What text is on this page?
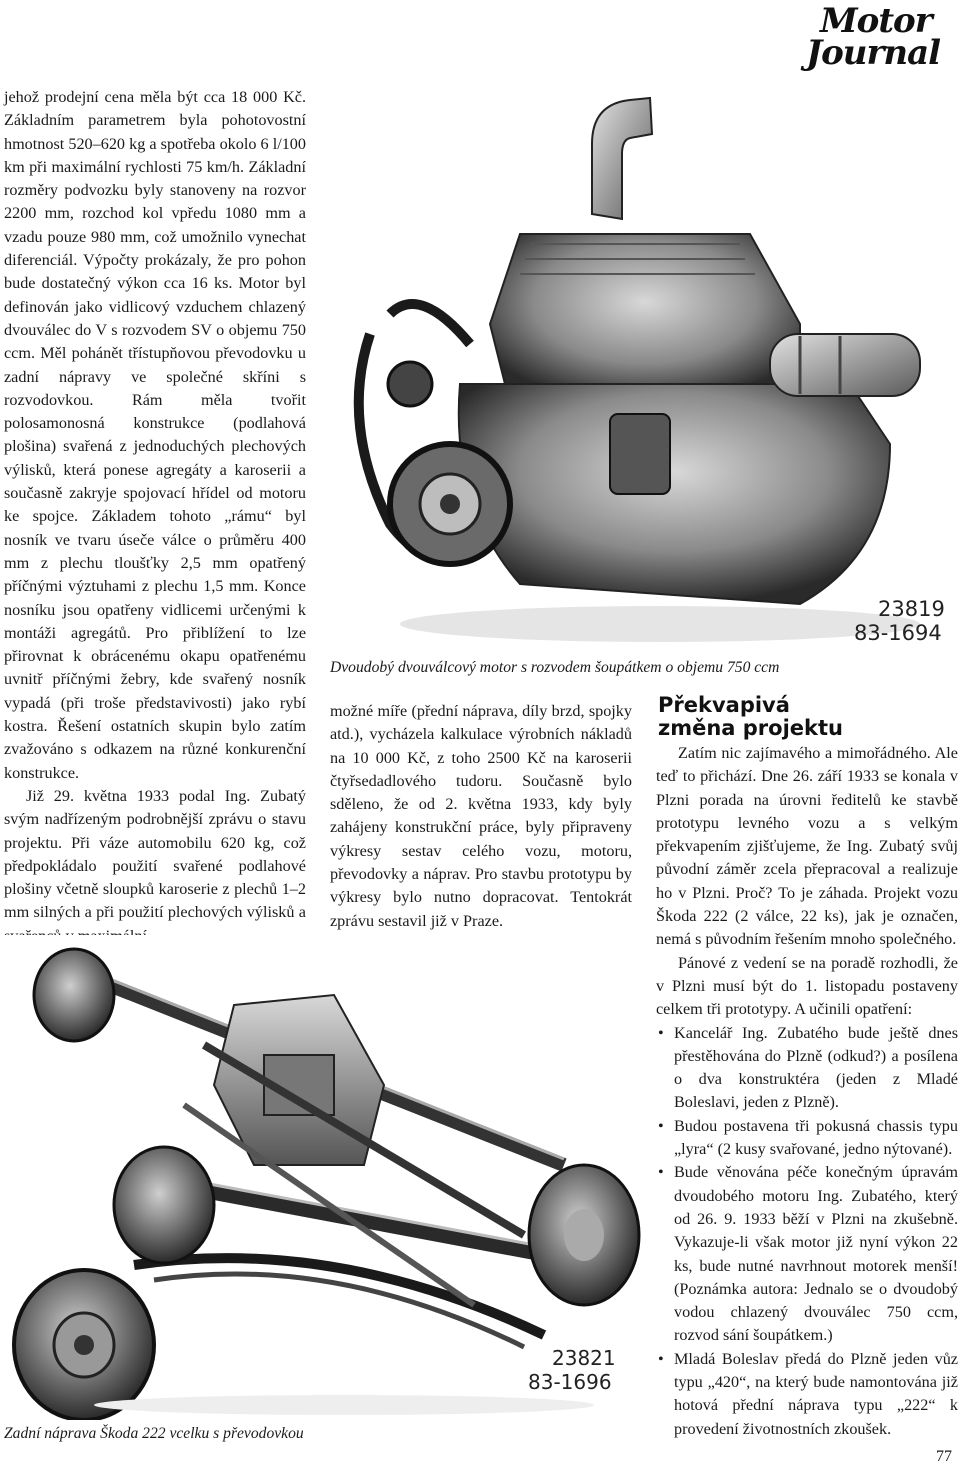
Motor
Journal

jehož prodejní cena měla být cca 18 000 Kč. Základním parametrem byla pohotovostní hmotnost 520–620 kg a spotřeba okolo 6 l/100 km při maximální rychlosti 75 km/h. Základní rozměry podvozku byly stanoveny na rozvor 2200 mm, rozchod kol vpředu 1080 mm a vzadu pouze 980 mm, což umožnilo vynechat diferenciál. Výpočty prokázaly, že pro pohon bude dostatečný výkon cca 16 ks. Motor byl definován jako vidlicový vzduchem chlazený dvouválec do V s rozvodem SV o objemu 750 ccm. Měl pohánět třístupňovou převodovku u zadní nápravy ve společné skříni s rozvodovkou. Rám měla tvořit polosamonosná konstrukce (podlahová plošina) svařená z jednoduchých plechových výlisků, která ponese agregáty a karoserii a současně zakryje spojovací hřídel od motoru ke spojce. Základem tohoto „rámu“ byl nosník ve tvaru úseče válce o průměru 400 mm z plechu tloušťky 2,5 mm opatřený příčnými výztuhami z plechu 1,5 mm. Konce nosníku jsou opatřeny vidlicemi určenými k montáži agregátů. Pro přiblížení to lze přirovnat k obrácenému okapu opatřenému uvnitř příčnými žebry, kde svařený nosník vypadá (při troše představivosti) jako rybí kostra. Řešení ostatních skupin bylo zatím zvažováno s odkazem na různé konkurenční konstrukce.

Již 29. května 1933 podal Ing. Zubatý svým nadřízeným podrobnější zprávu o stavu projektu. Při váze automobilu 620 kg, což předpokládalo použití svařené podlahové plošiny včetně sloupků karoserie z plechů 1–2 mm silných a při použití plechových výlisků a

23819
83-1694
Dvoudobý dvouválcový motor s rozvodem šoupátkem o objemu 750 ccm

možné míře (přední náprava, díly brzd, spojky atd.), vycházela kalkulace výrobních nákladů na 10 000 Kč, z toho 2500 Kč na karoserii čtyřsedadlového tudoru. Současně bylo sděleno, že od 2. května 1933, kdy byly zahájeny konstrukční práce, byly připraveny výkresy sestav celého vozu, motoru, převodovky a náprav. Pro stavbu prototypu by výkresy bylo nutno dopracovat. Tentokrát zprávu sestavil již v Praze.

Překvapivá
změna projektu

Zatím nic zajímavého a mimořádného. Ale teď to přichází. Dne 26. září 1933 se konala v Plzni porada na úrovni ředitelů ke stavbě prototypu levného vozu a s velkým překvapením zjišťujeme, že Ing. Zubatý svůj původní záměr zcela přepracoval a realizuje ho v Plzni. Proč? To je záhada. Projekt vozu Škoda 222 (2 válce, 22 ks), jak je označen, nemá s původním řešením mnoho společného.

Pánové z vedení se na poradě rozhodli, že v Plzni musí být do 1. listopadu postaveny celkem tři prototypy. A učinili opatření:

• Kancelář Ing. Zubatého bude ještě dnes přestěhována do Plzně (odkud?) a posílena o dva konstruktéra (jeden z Mladé Boleslavi, jeden z Plzně).
• Budou postavena tři pokusná chassis typu „lyra“ (2 kusy svařované, jedno nýtované).
• Bude věnována péče konečným úpravám dvoudobého motoru Ing. Zubatého, který od 26. 9. 1933 běží v Plzni na zkušebně. Vykazuje-li však motor již nyní výkon 22 ks, bude nutné navrhnout motorek menší! (Poznámka autora: Jednalo se o dvoudobý vodou chlazený dvouválec 750 ccm, rozvod sání šoupátkem.)
• Mladá Boleslav předá do Plzně jeden vůz typu „420“, na který bude namontována již hotová přední náprava typu „222“ k provedení životnostních zkoušek.
23821
83-1696
Zadní náprava Škoda 222 vcelku s převodovkou
77
